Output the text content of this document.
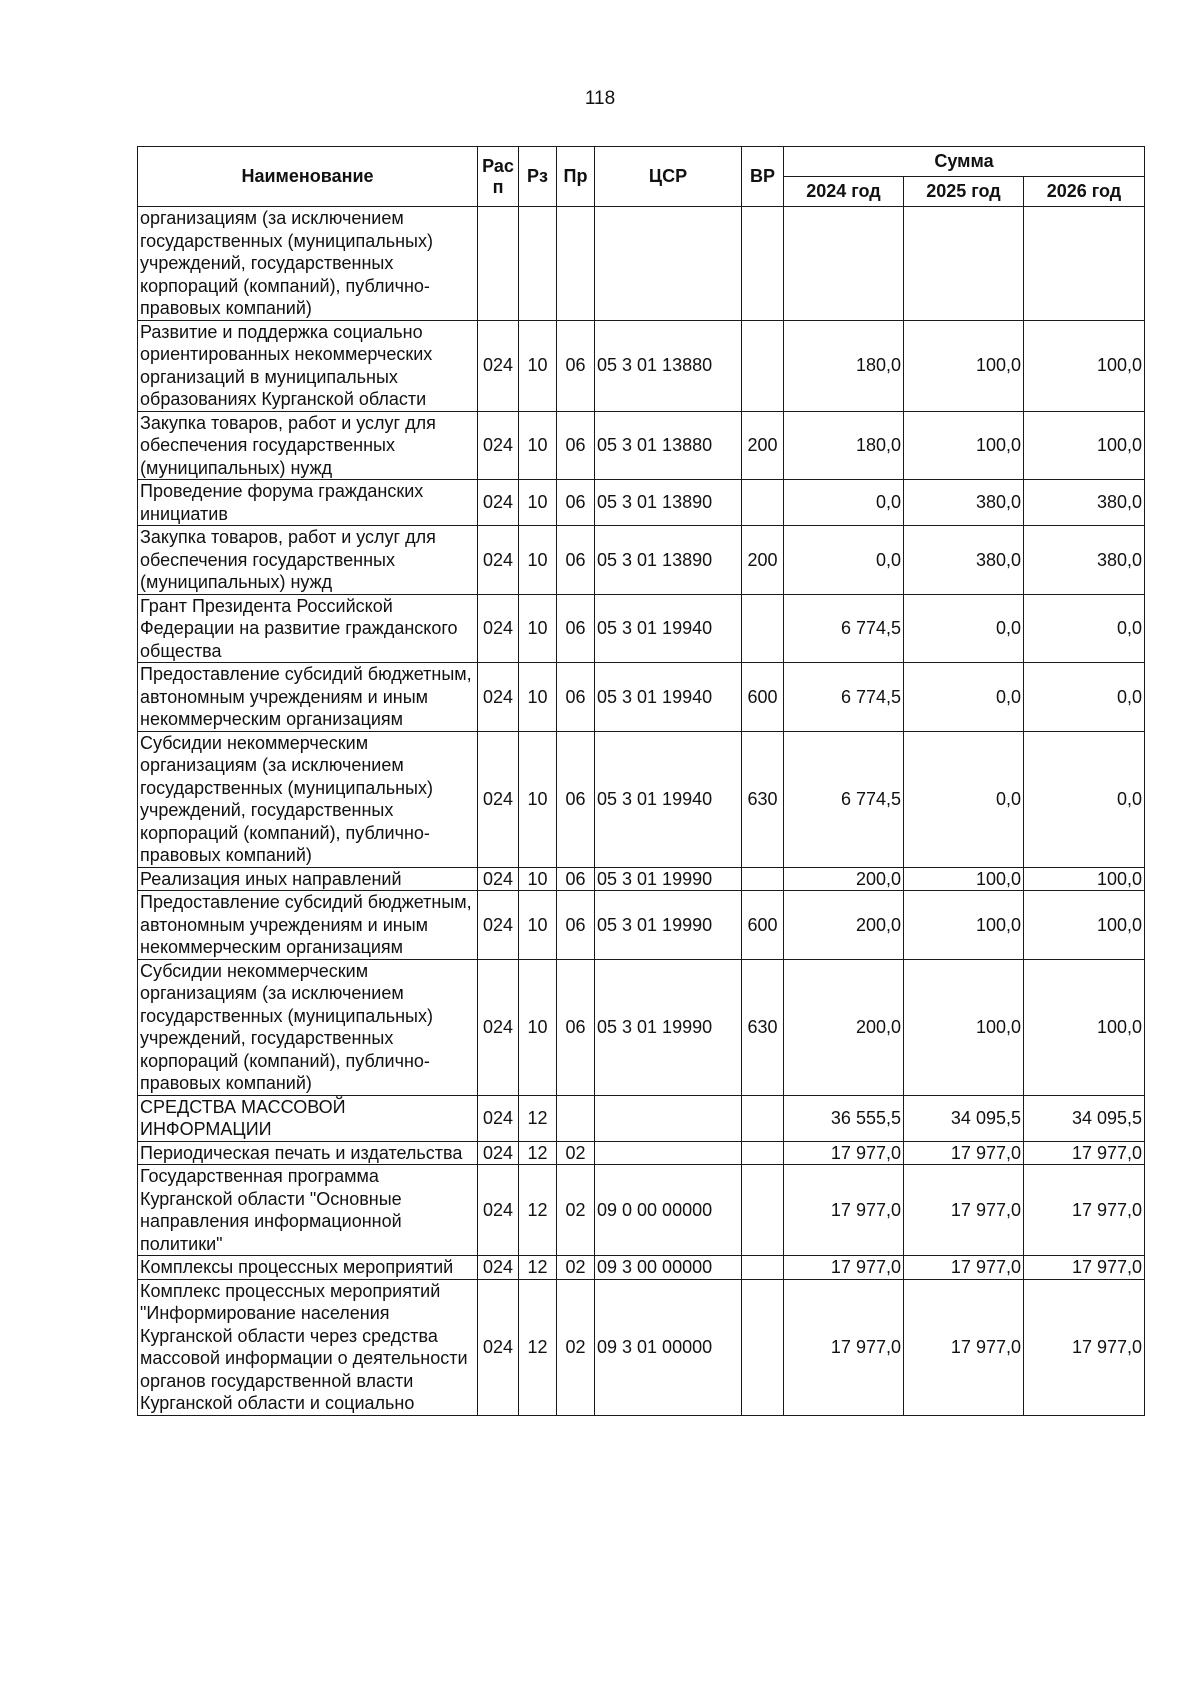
118
Наименование	Рас п	Рз	Пр	ЦСР	ВР	Сумма		
						2024 год	2025 год	2026 год
организациям (за исключением государственных (муниципальных) учреждений, государственных корпораций (компаний), публично-правовых компаний)								
Развитие и поддержка социально ориентированных некоммерческих организаций в муниципальных образованиях Курганской области	024	10	06	05 3 01 13880		180,0	100,0	100,0
Закупка товаров, работ и услуг для обеспечения государственных (муниципальных) нужд	024	10	06	05 3 01 13880	200	180,0	100,0	100,0
Проведение форума гражданских инициатив	024	10	06	05 3 01 13890		0,0	380,0	380,0
Закупка товаров, работ и услуг для обеспечения государственных (муниципальных) нужд	024	10	06	05 3 01 13890	200	0,0	380,0	380,0
Грант Президента Российской Федерации на развитие гражданского общества	024	10	06	05 3 01 19940		6 774,5	0,0	0,0
Предоставление субсидий бюджетным, автономным учреждениям и иным некоммерческим организациям	024	10	06	05 3 01 19940	600	6 774,5	0,0	0,0
Субсидии некоммерческим организациям (за исключением государственных (муниципальных) учреждений, государственных корпораций (компаний), публично-правовых компаний)	024	10	06	05 3 01 19940	630	6 774,5	0,0	0,0
Реализация иных направлений	024	10	06	05 3 01 19990		200,0	100,0	100,0
Предоставление субсидий бюджетным, автономным учреждениям и иным некоммерческим организациям	024	10	06	05 3 01 19990	600	200,0	100,0	100,0
Субсидии некоммерческим организациям (за исключением государственных (муниципальных) учреждений, государственных корпораций (компаний), публично-правовых компаний)	024	10	06	05 3 01 19990	630	200,0	100,0	100,0
СРЕДСТВА МАССОВОЙ ИНФОРМАЦИИ	024	12				36 555,5	34 095,5	34 095,5
Периодическая печать и издательства	024	12	02			17 977,0	17 977,0	17 977,0
Государственная программа Курганской области "Основные направления информационной политики"	024	12	02	09 0 00 00000		17 977,0	17 977,0	17 977,0
Комплексы процессных мероприятий	024	12	02	09 3 00 00000		17 977,0	17 977,0	17 977,0
Комплекс процессных мероприятий "Информирование населения Курганской области через средства массовой информации о деятельности органов государственной власти Курганской области и социально	024	12	02	09 3 01 00000		17 977,0	17 977,0	17 977,0
